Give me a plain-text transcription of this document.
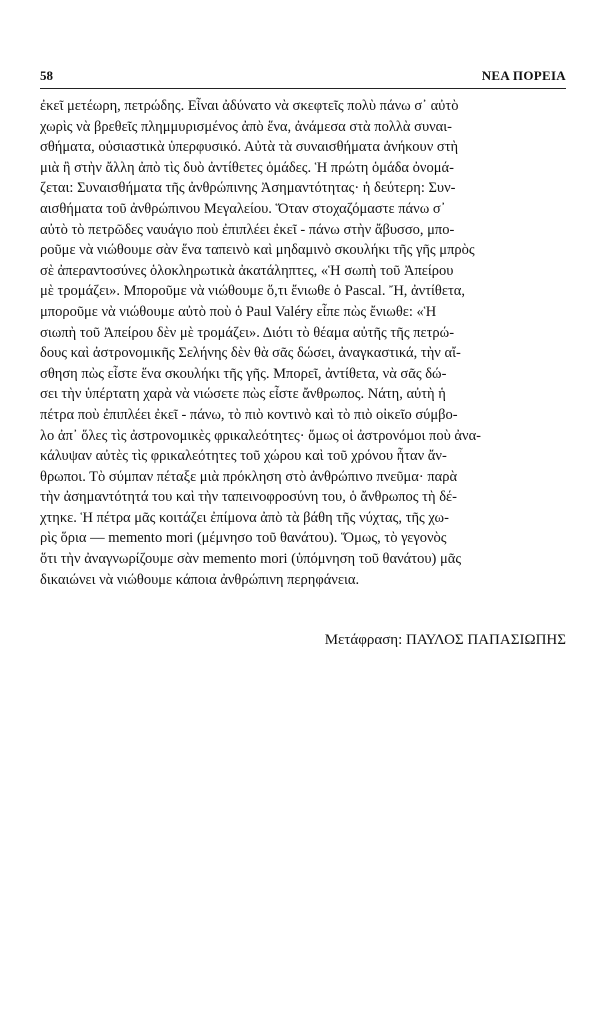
58	ΝΕΑ ΠΟΡΕΙΑ
ἐκεῖ μετέωρη, πετρώδης. Εἶναι ἀδύνατο νὰ σκεφτεῖς πολὺ πάνω σ᾽ αὐτὸ
χωρὶς νὰ βρεθεῖς πλημμυρισμένος ἀπὸ ἕνα, ἀνάμεσα στὰ πολλὰ συναι-
σθήματα, οὐσιαστικὰ ὑπερφυσικό. Αὐτὰ τὰ συναισθήματα ἀνήκουν στὴ
μιὰ ἢ στὴν ἄλλη ἀπὸ τὶς δυὸ ἀντίθετες ὁμάδες. Ἡ πρώτη ὁμάδα ὀνομά-
ζεται: Συναισθήματα τῆς ἀνθρώπινης Ἀσημαντότητας· ἡ δεύτερη: Συν-
αισθήματα τοῦ ἀνθρώπινου Μεγαλείου. Ὅταν στοχαζόμαστε πάνω σ᾽
αὐτὸ τὸ πετρῶδες ναυάγιο ποὺ ἐπιπλέει ἐκεῖ - πάνω στὴν ἄβυσσο, μπο-
ροῦμε νὰ νιώθουμε σὰν ἕνα ταπεινὸ καὶ μηδαμινὸ σκουλήκι τῆς γῆς μπρὸς
σὲ ἀπεραντοσύνες ὁλοκληρωτικὰ ἀκατάληπτες, «Ἡ σωπὴ τοῦ Ἀπείρου
μὲ τρομάζει». Μποροῦμε νὰ νιώθουμε ὅ,τι ἔνιωθε ὁ Pascal. Ἤ, ἀντίθετα,
μποροῦμε νὰ νιώθουμε αὐτὸ ποὺ ὁ Paul Valéry εἶπε πὼς ἔνιωθε: «Ἡ
σιωπὴ τοῦ Ἀπείρου δὲν μὲ τρομάζει». Διότι τὸ θέαμα αὐτῆς τῆς πετρώ-
δους καὶ ἀστρονομικῆς Σελήνης δὲν θὰ σᾶς δώσει, ἀναγκαστικά, τὴν αἴ-
σθηση πὼς εἶστε ἕνα σκουλήκι τῆς γῆς. Μπορεῖ, ἀντίθετα, νὰ σᾶς δώ-
σει τὴν ὑπέρτατη χαρὰ νὰ νιώσετε πὼς εἶστε ἄνθρωπος. Νάτη, αὐτὴ ἡ
πέτρα ποὺ ἐπιπλέει ἐκεῖ - πάνω, τὸ πιὸ κοντινὸ καὶ τὸ πιὸ οἰκεῖο σύμβο-
λο ἀπ᾽ ὅλες τὶς ἀστρονομικὲς φρικαλεότητες· ὅμως οἱ ἀστρονόμοι ποὺ ἀνα-
κάλυψαν αὐτὲς τὶς φρικαλεότητες τοῦ χώρου καὶ τοῦ χρόνου ἦταν ἄν-
θρωποι. Τὸ σύμπαν πέταξε μιὰ πρόκληση στὸ ἀνθρώπινο πνεῦμα· παρὰ
τὴν ἀσημαντότητά του καὶ τὴν ταπεινοφροσύνη του, ὁ ἄνθρωπος τὴ δέ-
χτηκε. Ἡ πέτρα μᾶς κοιτάζει ἐπίμονα ἀπὸ τὰ βάθη τῆς νύχτας, τῆς χω-
ρὶς ὅρια — memento mori (μέμνησο τοῦ θανάτου). Ὅμως, τὸ γεγονὸς
ὅτι τὴν ἀναγνωρίζουμε σὰν memento mori (ὑπόμνηση τοῦ θανάτου) μᾶς
δικαιώνει νὰ νιώθουμε κάποια ἀνθρώπινη περηφάνεια.
Μετάφραση: ΠΑΥΛΟΣ ΠΑΠΑΣΙΩΠΗΣ
